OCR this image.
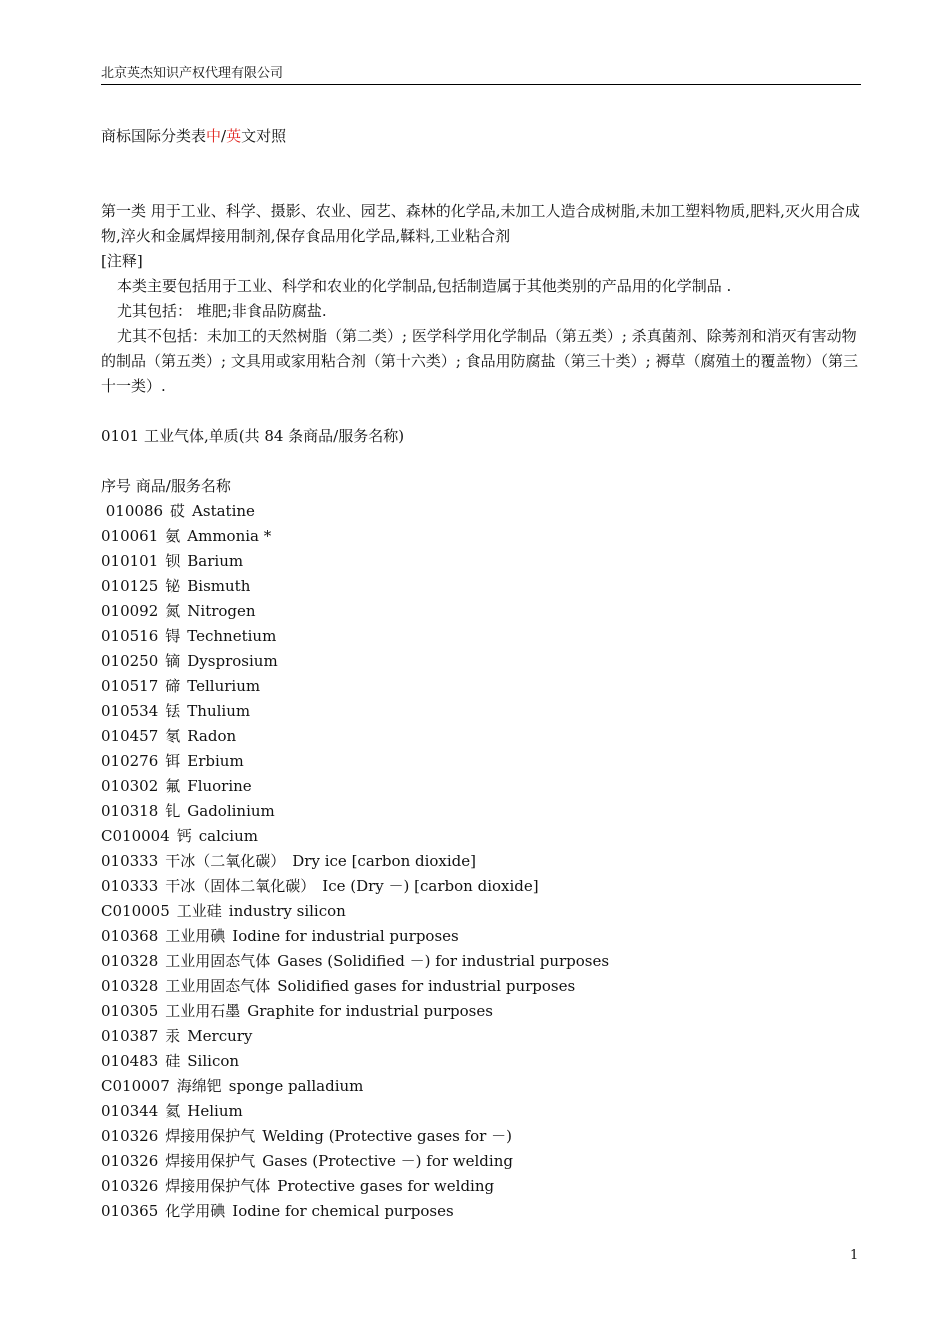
北京英杰知识产权代理有限公司
商标国际分类表中/英文对照

第一类 用于工业、科学、摄影、农业、园艺、森林的化学品,未加工人造合成树脂,未加工塑料物质,肥料,灭火用合成物,淬火和金属焊接用制剂,保存食品用化学品,鞣料,工业粘合剂

[注释]

本类主要包括用于工业、科学和农业的化学制品,包括制造属于其他类别的产品用的化学制品 .

尤其包括： 堆肥;非食品防腐盐.

尤其不包括：未加工的天然树脂（第二类）; 医学科学用化学制品（第五类）; 杀真菌剂、除莠剂和消灭有害动物的制品（第五类）; 文具用或家用粘合剂（第十六类）; 食品用防腐盐（第三十类）; 褥草（腐殖土的覆盖物）（第三十一类）.

0101 工业气体,单质(共 84 条商品/服务名称)

序号 商品/服务名称

010086 砹 Astatine

010061 氨 Ammonia *

010101 钡 Barium

010125 铋 Bismuth

010092 氮 Nitrogen

010516 锝 Technetium

010250 镝 Dysprosium

010517 碲 Tellurium

010534 铥 Thulium

010457 氡 Radon

010276 铒 Erbium

010302 氟 Fluorine

010318 钆 Gadolinium

C010004 钙 calcium

010333 干冰（二氧化碳） Dry ice [carbon dioxide]

010333 干冰（固体二氧化碳） Ice (Dry －) [carbon dioxide]

C010005 工业硅 industry silicon

010368 工业用碘 Iodine for industrial purposes

010328 工业用固态气体 Gases (Solidified －) for industrial purposes

010328 工业用固态气体 Solidified gases for industrial purposes

010305 工业用石墨 Graphite for industrial purposes

010387 汞 Mercury

010483 硅 Silicon

C010007 海绵钯 sponge palladium

010344 氦 Helium

010326 焊接用保护气 Welding (Protective gases for －)

010326 焊接用保护气 Gases (Protective －) for welding

010326 焊接用保护气体 Protective gases for welding

010365 化学用碘 Iodine for chemical purposes

1
